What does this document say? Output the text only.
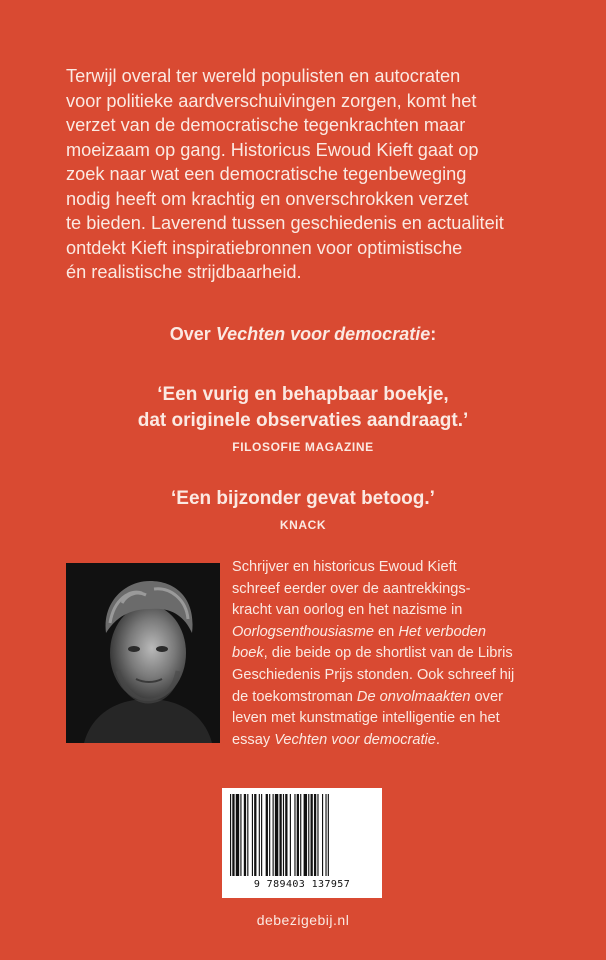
Terwijl overal ter wereld populisten en autocraten
voor politieke aardverschuivingen zorgen, komt het
verzet van de democratische tegenkrachten maar
moeizaam op gang. Historicus Ewoud Kieft gaat op
zoek naar wat een democratische tegenbeweging
nodig heeft om krachtig en onverschrokken verzet
te bieden. Laverend tussen geschiedenis en actualiteit
ontdekt Kieft inspiratiebronnen voor optimistische
én realistische strijdbaarheid.

Over Vechten voor democratie:

‘Een vurig en behapbaar boekje,
dat originele observaties aandraagt.’

FILOSOFIE MAGAZINE

‘Een bijzonder gevat betoog.’

KNACK

Schrijver en historicus Ewoud Kieft
schreef eerder over de aantrekkings-
kracht van oorlog en het nazisme in
Oorlogsenthousiasme en Het verboden
boek, die beide op de shortlist van de Libris
Geschiedenis Prijs stonden. Ook schreef hij
de toekomstroman De onvolmaakten over
leven met kunstmatige intelligentie en het
essay Vechten voor democratie.

9 789403 137957

debezigebij.nl
